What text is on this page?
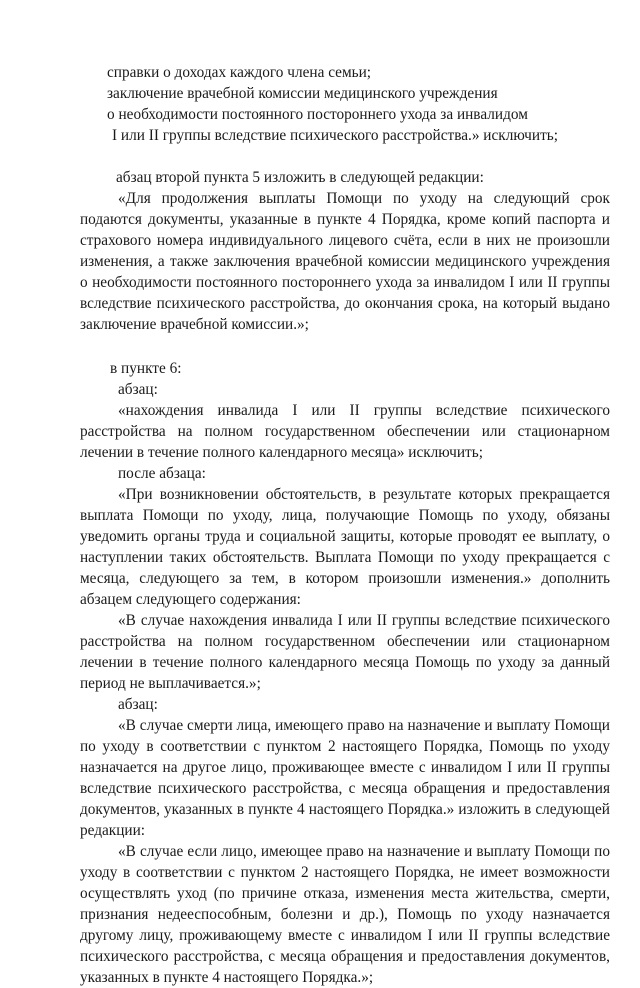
справки о доходах каждого члена семьи;
заключение врачебной комиссии медицинского учреждения
о необходимости постоянного постороннего ухода за инвалидом
I или II группы вследствие психического расстройства.» исключить;

абзац второй пункта 5 изложить в следующей редакции:

«Для продолжения выплаты Помощи по уходу на следующий срок подаются документы, указанные в пункте 4 Порядка, кроме копий паспорта и страхового номера индивидуального лицевого счёта, если в них не произошли изменения, а также заключения врачебной комиссии медицинского учреждения о необходимости постоянного постороннего ухода за инвалидом I или II группы вследствие психического расстройства, до окончания срока, на который выдано заключение врачебной комиссии.»;

в пункте 6:

абзац:

«нахождения инвалида I или II группы вследствие психического расстройства на полном государственном обеспечении или стационарном лечении в течение полного календарного месяца» исключить;

после абзаца:

«При возникновении обстоятельств, в результате которых прекращается выплата Помощи по уходу, лица, получающие Помощь по уходу, обязаны уведомить органы труда и социальной защиты, которые проводят ее выплату, о наступлении таких обстоятельств. Выплата Помощи по уходу прекращается с месяца, следующего за тем, в котором произошли изменения.» дополнить абзацем следующего содержания:

«В случае нахождения инвалида I или II группы вследствие психического расстройства на полном государственном обеспечении или стационарном лечении в течение полного календарного месяца Помощь по уходу за данный период не выплачивается.»;

абзац:

«В случае смерти лица, имеющего право на назначение и выплату Помощи по уходу в соответствии с пунктом 2 настоящего Порядка, Помощь по уходу назначается на другое лицо, проживающее вместе с инвалидом I или II группы вследствие психического расстройства, с месяца обращения и предоставления документов, указанных в пункте 4 настоящего Порядка.» изложить в следующей редакции:

«В случае если лицо, имеющее право на назначение и выплату Помощи по уходу в соответствии с пунктом 2 настоящего Порядка, не имеет возможности осуществлять уход (по причине отказа, изменения места жительства, смерти, признания недееспособным, болезни и др.), Помощь по уходу назначается другому лицу, проживающему вместе с инвалидом I или II группы вследствие психического расстройства, с месяца обращения и предоставления документов, указанных в пункте 4 настоящего Порядка.»;
